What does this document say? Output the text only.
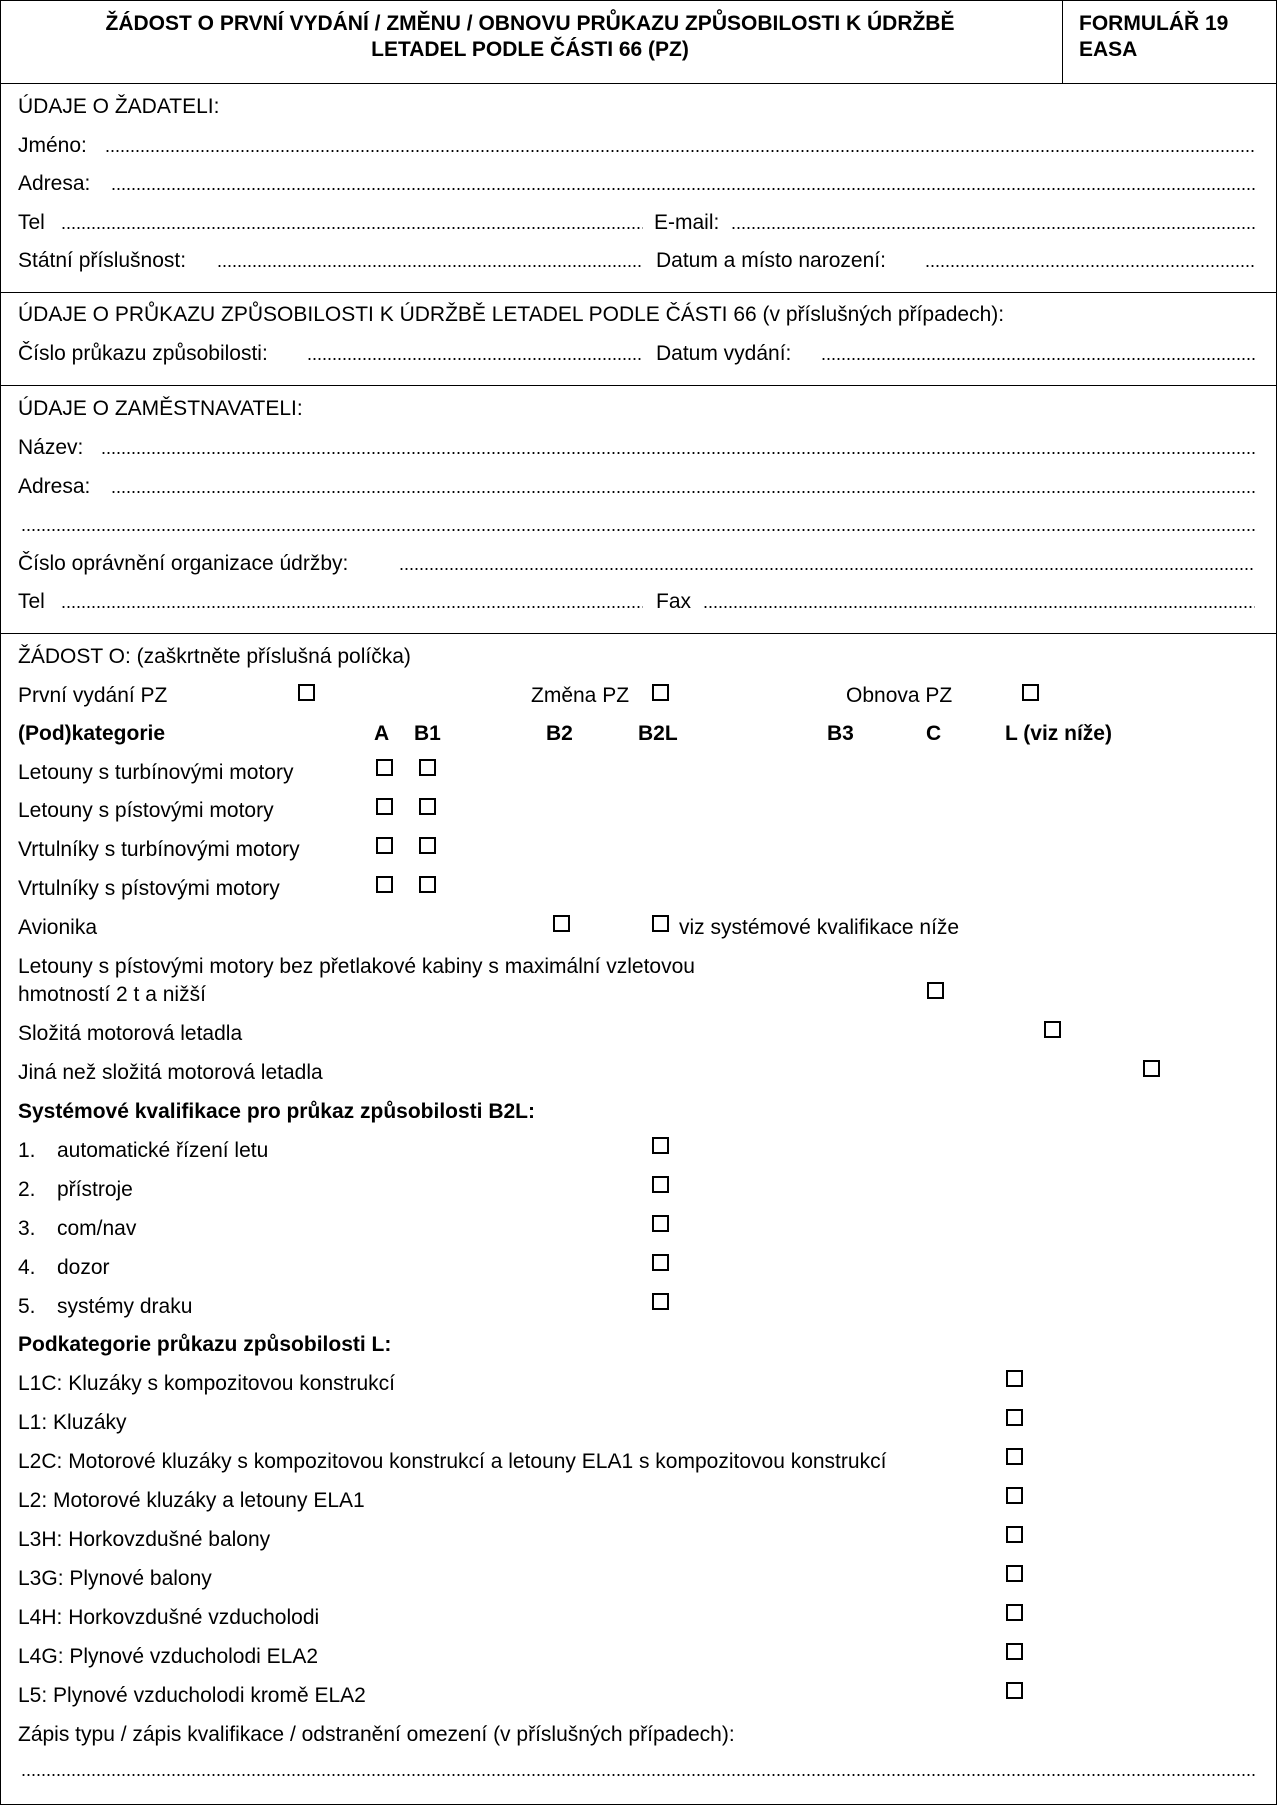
ŽÁDOST O PRVNÍ VYDÁNÍ / ZMĚNU / OBNOVU PRŮKAZU ZPŮSOBILOSTI K ÚDRŽBĚ
LETADEL PODLE ČÁSTI 66 (PZ)
FORMULÁŘ 19
EASA
ÚDAJE O ŽADATELI:
Jméno:
Adresa:
Tel	E-mail:
Státní příslušnost:	Datum a místo narození:
ÚDAJE O PRŮKAZU ZPŮSOBILOSTI K ÚDRŽBĚ LETADEL PODLE ČÁSTI 66 (v příslušných případech):
Číslo průkazu způsobilosti:	Datum vydání:
ÚDAJE O ZAMĚSTNAVATELI:
Název:
Adresa:
Číslo oprávnění organizace údržby:
Tel	Fax
ŽÁDOST O: (zaškrtněte příslušná políčka)
První vydání PZ	Změna PZ	Obnova PZ
(Pod)kategorie	A B1	B2	B2L	B3	C	L (viz níže)
Letouny s turbínovými motory
Letouny s pístovými motory
Vrtulníky s turbínovými motory
Vrtulníky s pístovými motory
Avionika	viz systémové kvalifikace níže
Letouny s pístovými motory bez přetlakové kabiny s maximální vzletovou
hmotností 2 t a nižší
Složitá motorová letadla
Jiná než složitá motorová letadla
Systémové kvalifikace pro průkaz způsobilosti B2L:
1. automatické řízení letu
2. přístroje
3. com/nav
4. dozor
5. systémy draku
Podkategorie průkazu způsobilosti L:
L1C: Kluzáky s kompozitovou konstrukcí
L1: Kluzáky
L2C: Motorové kluzáky s kompozitovou konstrukcí a letouny ELA1 s kompozitovou konstrukcí
L2: Motorové kluzáky a letouny ELA1
L3H: Horkovzdušné balony
L3G: Plynové balony
L4H: Horkovzdušné vzducholodi
L4G: Plynové vzducholodi ELA2
L5: Plynové vzducholodi kromě ELA2
Zápis typu / zápis kvalifikace / odstranění omezení (v příslušných případech):
